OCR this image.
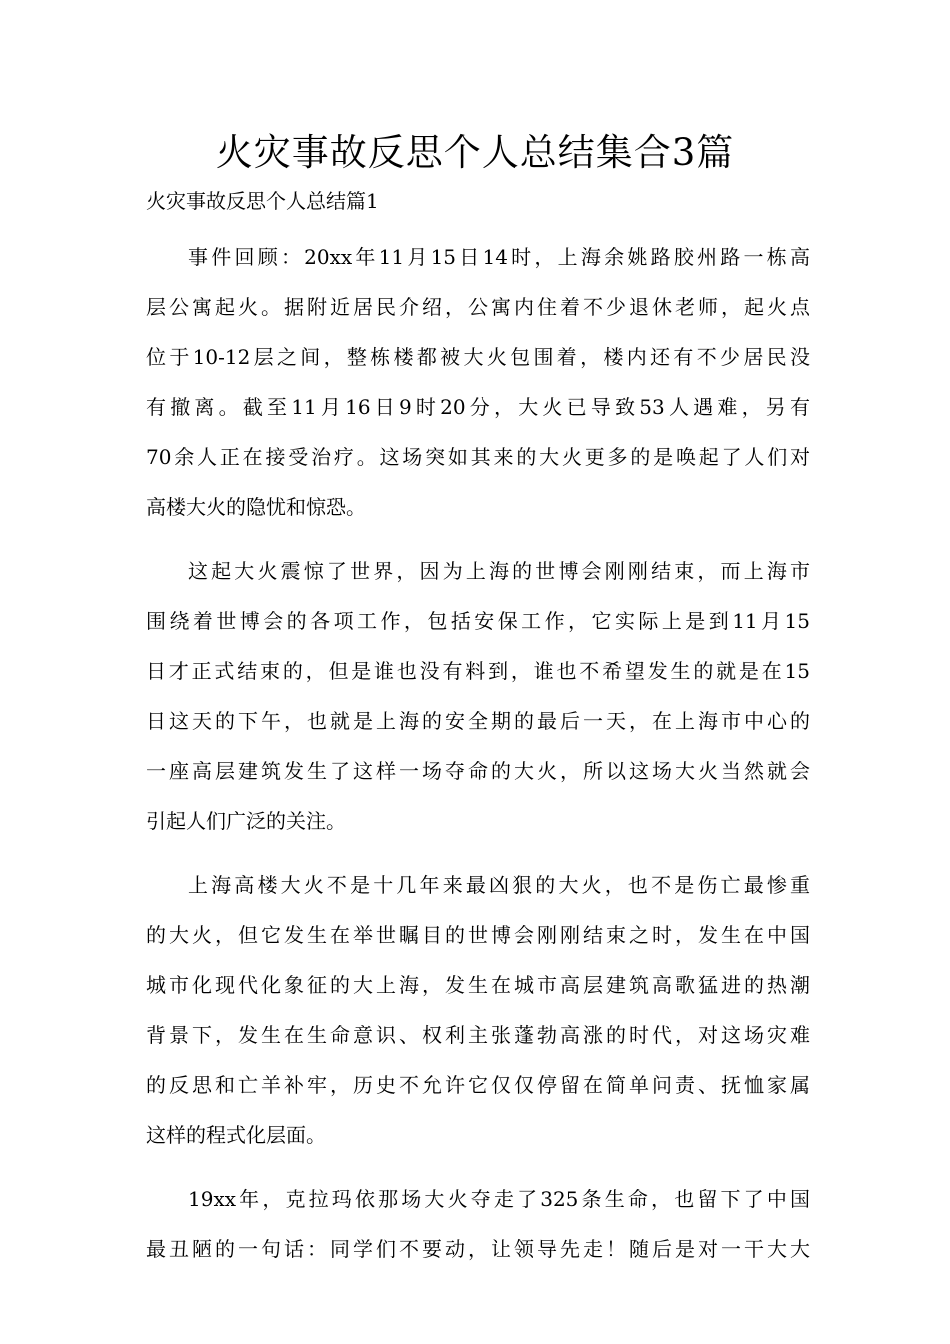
火灾事故反思个人总结集合3篇
火灾事故反思个人总结篇1

事件回顾：20xx年11月15日14时，上海余姚路胶州路一栋高
层公寓起火。据附近居民介绍，公寓内住着不少退休老师，起火点
位于10-12层之间，整栋楼都被大火包围着，楼内还有不少居民没
有撤离。截至11月16日9时20分，大火已导致53人遇难，另有
70余人正在接受治疗。这场突如其来的大火更多的是唤起了人们对
高楼大火的隐忧和惊恐。

这起大火震惊了世界，因为上海的世博会刚刚结束，而上海市
围绕着世博会的各项工作，包括安保工作，它实际上是到11月15
日才正式结束的，但是谁也没有料到，谁也不希望发生的就是在15
日这天的下午，也就是上海的安全期的最后一天，在上海市中心的
一座高层建筑发生了这样一场夺命的大火，所以这场大火当然就会
引起人们广泛的关注。

上海高楼大火不是十几年来最凶狠的大火，也不是伤亡最惨重
的大火，但它发生在举世瞩目的世博会刚刚结束之时，发生在中国
城市化现代化象征的大上海，发生在城市高层建筑高歌猛进的热潮
背景下，发生在生命意识、权利主张蓬勃高涨的时代，对这场灾难
的反思和亡羊补牢，历史不允许它仅仅停留在简单问责、抚恤家属
这样的程式化层面。

19xx年，克拉玛依那场大火夺走了325条生命，也留下了中国
最丑陋的一句话：同学们不要动，让领导先走！随后是对一干大大
